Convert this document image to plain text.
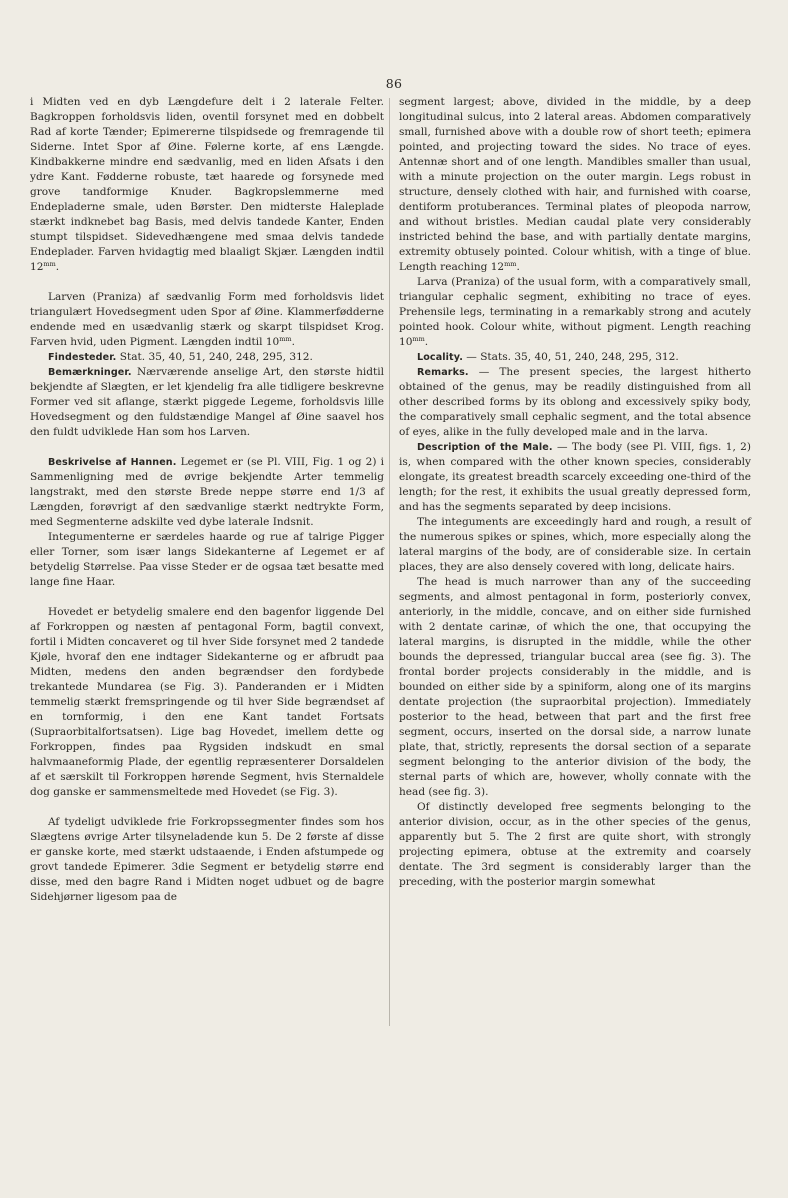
86

i Midten ved en dyb Længdefure delt i 2 laterale Felter. Bagkroppen forholdsvis liden, oventil forsynet med en dobbelt Rad af korte Tænder; Epimererne tilspidsede og fremragende til Siderne. Intet Spor af Øine. Følerne korte, af ens Længde. Kindbakkerne mindre end sædvanlig, med en liden Afsats i den ydre Kant. Fødderne robuste, tæt haarede og forsynede med grove tandformige Knuder. Bagkropslemmerne med Endepladerne smale, uden Børster. Den midterste Haleplade stærkt indknebet bag Basis, med delvis tandede Kanter, Enden stumpt tilspidset. Sidevedhængene med smaa delvis tandede Endeplader. Farven hvidagtig med blaaligt Skjær. Længden indtil $12^{mm}$.

Larven (Praniza) af sædvanlig Form med forholdsvis lidet triangulært Hovedsegment uden Spor af Øine. Klammerfødderne endende med en usædvanlig stærk og skarpt tilspidset Krog. Farven hvid, uden Pigment. Længden indtil $10^{mm}$.

Findesteder. Stat. 35, 40, 51, 240, 248, 295, 312.

Bemærkninger. Nærværende anselige Art, den største hidtil bekjendte af Slægten, er let kjendelig fra alle tidligere beskrevne Former ved sit aflange, stærkt piggede Legeme, forholdsvis lille Hovedsegment og den fuldstændige Mangel af Øine saavel hos den fuldt udviklede Han som hos Larven.

Beskrivelse af Hannen. Legemet er (se Pl. VIII, Fig. 1 og 2) i Sammenligning med de øvrige bekjendte Arter temmelig langstrakt, med den største Brede neppe større end 1/3 af Længden, forøvrigt af den sædvanlige stærkt nedtrykte Form, med Segmenterne adskilte ved dybe laterale Indsnit.

Integumenterne er særdeles haarde og rue af talrige Pigger eller Torner, som især langs Sidekanterne af Legemet er af betydelig Størrelse. Paa visse Steder er de ogsaa tæt besatte med lange fine Haar.

Hovedet er betydelig smalere end den bagenfor liggende Del af Forkroppen og næsten af pentagonal Form, bagtil convext, fortil i Midten concaveret og til hver Side forsynet med 2 tandede Kjøle, hvoraf den ene indtager Sidekanterne og er afbrudt paa Midten, medens den anden begrændser den fordybede trekantede Mundarea (se Fig. 3). Panderanden er i Midten temmelig stærkt fremspringende og til hver Side begrændset af en tornformig, i den ene Kant tandet Fortsats (Supraorbitalfortsatsen). Lige bag Hovedet, imellem dette og Forkroppen, findes paa Rygsiden indskudt en smal halvmaaneformig Plade, der egentlig repræsenterer Dorsaldelen af et særskilt til Forkroppen hørende Segment, hvis Sternaldele dog ganske er sammensmeltede med Hovedet (se Fig. 3).

Af tydeligt udviklede frie Forkropssegmenter findes som hos Slægtens øvrige Arter tilsyneladende kun 5. De 2 første af disse er ganske korte, med stærkt udstaaende, i Enden afstumpede og grovt tandede Epimerer. 3die Segment er betydelig større end disse, med den bagre Rand i Midten noget udbuet og de bagre Sidehjørner ligesom paa de

segment largest; above, divided in the middle, by a deep longitudinal sulcus, into 2 lateral areas. Abdomen comparatively small, furnished above with a double row of short teeth; epimera pointed, and projecting toward the sides. No trace of eyes. Antennæ short and of one length. Mandibles smaller than usual, with a minute projection on the outer margin. Legs robust in structure, densely clothed with hair, and furnished with coarse, dentiform protuberances. Terminal plates of pleopoda narrow, and without bristles. Median caudal plate very considerably instricted behind the base, and with partially dentate margins, extremity obtusely pointed. Colour whitish, with a tinge of blue. Length reaching $12^{mm}$.

Larva (Praniza) of the usual form, with a comparatively small, triangular cephalic segment, exhibiting no trace of eyes. Prehensile legs, terminating in a remarkably strong and acutely pointed hook. Colour white, without pigment. Length reaching $10^{mm}$.

Locality. — Stats. 35, 40, 51, 240, 248, 295, 312.

Remarks. — The present species, the largest hitherto obtained of the genus, may be readily distinguished from all other described forms by its oblong and excessively spiky body, the comparatively small cephalic segment, and the total absence of eyes, alike in the fully developed male and in the larva.

Description of the Male. — The body (see Pl. VIII, figs. 1, 2) is, when compared with the other known species, considerably elongate, its greatest breadth scarcely exceeding one-third of the length; for the rest, it exhibits the usual greatly depressed form, and has the segments separated by deep incisions.

The integuments are exceedingly hard and rough, a result of the numerous spikes or spines, which, more especially along the lateral margins of the body, are of considerable size. In certain places, they are also densely covered with long, delicate hairs.

The head is much narrower than any of the succeeding segments, and almost pentagonal in form, posteriorly convex, anteriorly, in the middle, concave, and on either side furnished with 2 dentate carinæ, of which the one, that occupying the lateral margins, is disrupted in the middle, while the other bounds the depressed, triangular buccal area (see fig. 3). The frontal border projects considerably in the middle, and is bounded on either side by a spiniform, along one of its margins dentate projection (the supraorbital projection). Immediately posterior to the head, between that part and the first free segment, occurs, inserted on the dorsal side, a narrow lunate plate, that, strictly, represents the dorsal section of a separate segment belonging to the anterior division of the body, the sternal parts of which are, however, wholly connate with the head (see fig. 3).

Of distinctly developed free segments belonging to the anterior division, occur, as in the other species of the genus, apparently but 5. The 2 first are quite short, with strongly projecting epimera, obtuse at the extremity and coarsely dentate. The 3rd segment is considerably larger than the preceding, with the posterior margin somewhat
